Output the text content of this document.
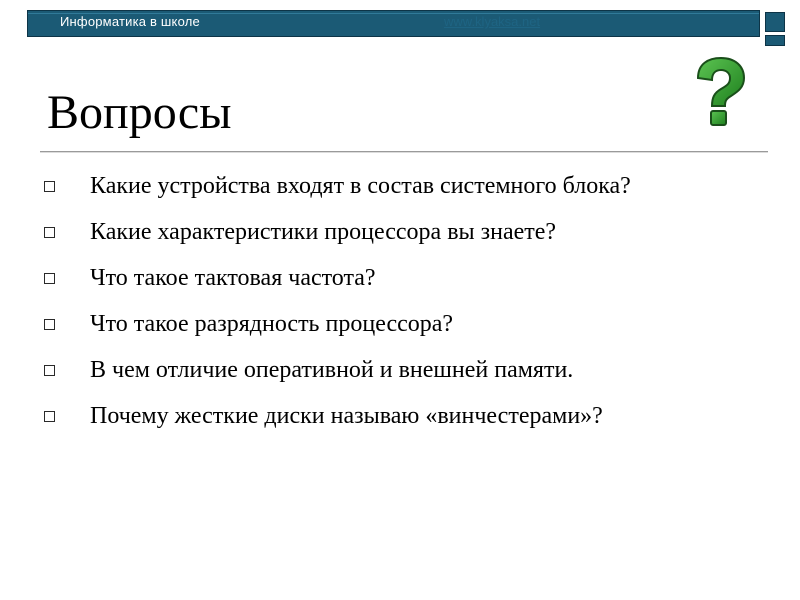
Информатика в школе	www.klyaksa.net
Вопросы
Какие устройства входят в состав системного блока?
Какие характеристики процессора вы знаете?
Что такое тактовая частота?
Что такое разрядность процессора?
В чем отличие оперативной и внешней памяти.
Почему жесткие диски называю «винчестерами»?
